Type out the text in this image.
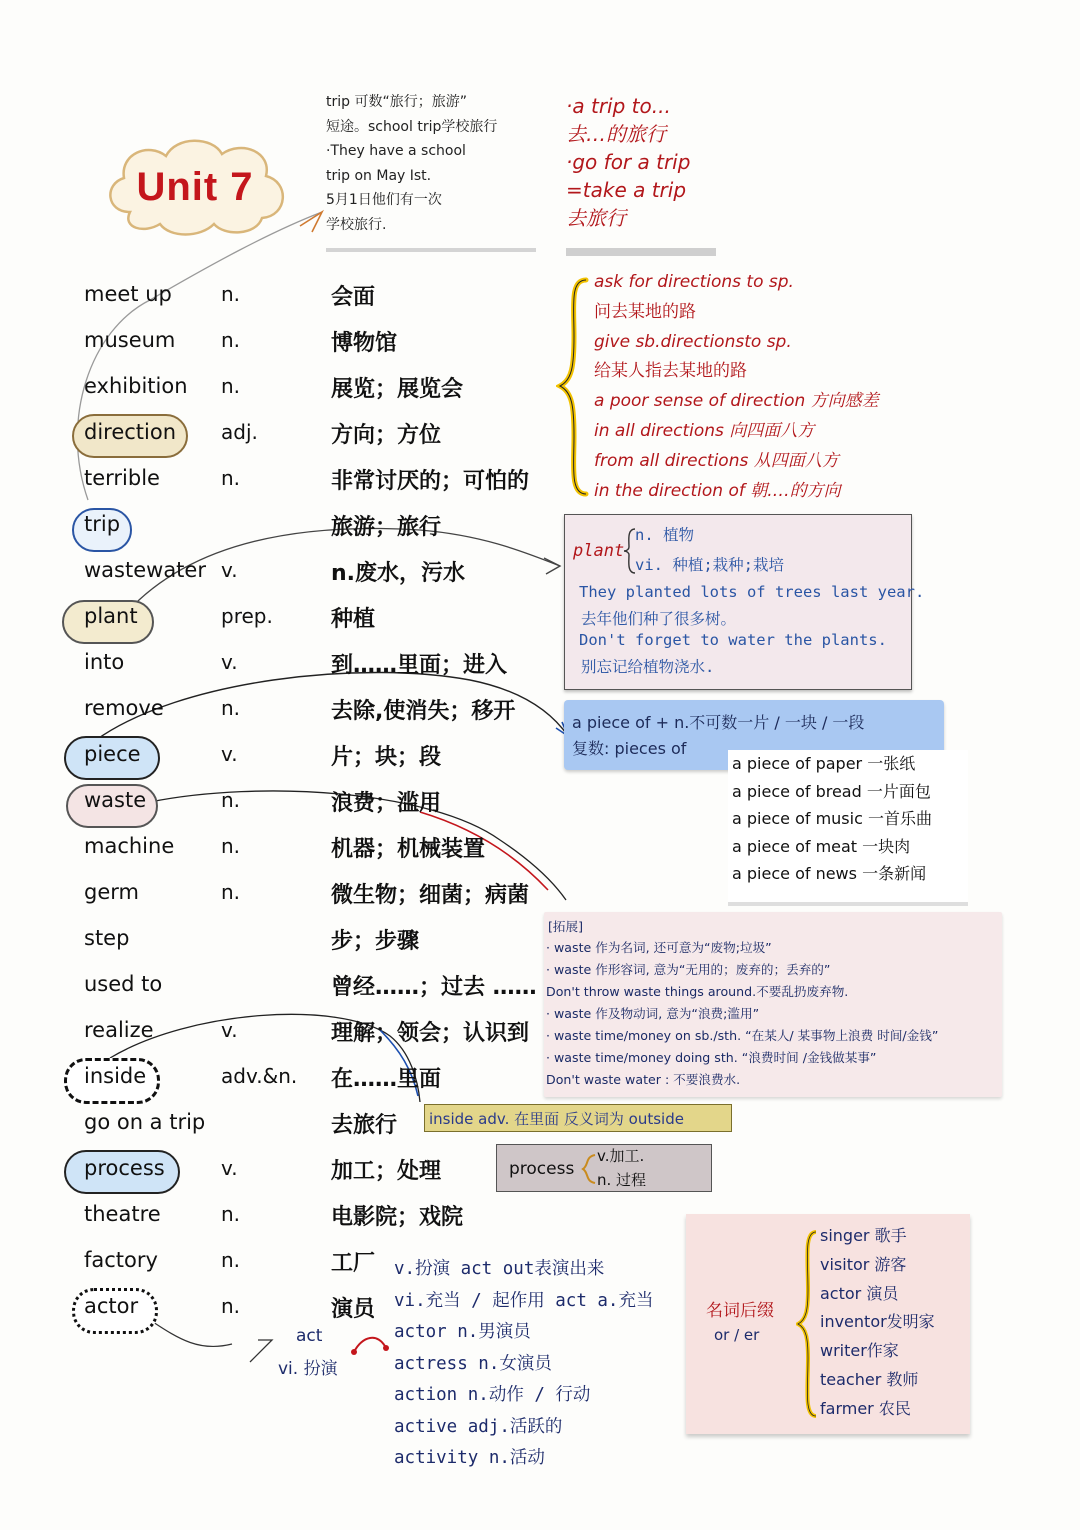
Unit 7
trip 可数“旅行；旅游”
短途。school trip学校旅行
·They have a school
trip on May Ist.
5月1日他们有一次
学校旅行.
·a trip to...
去…的旅行
·go for a trip
=take a trip
去旅行
meet up n.	会面
museum n.	博物馆
exhibition n.	展览；展览会
direction adj.	方向；方位
terrible	n.	非常讨厌的；可怕的
trip	旅游；旅行
wastewater v.	n.废水，污水
plant	prep.	种植
into	v.	到……里面；进入
remove	n.	去除,使消失；移开
piece	v.	片；块；段
waste	n.	浪费；滥用
machine n.	机器；机械装置
germ	n.	微生物；细菌；病菌
step	步；步骤
used to	曾经……；过去 ……
realize	v.	理解；领会；认识到
inside	adv.&n. 在……里面
go on a trip	去旅行
process	v.	加工；处理
theatre	n.	电影院；戏院
factory	n.	工厂
actor	n.	演员
ask for directions to sp.
问去某地的路
give sb.directionsto sp.
给某人指去某地的路
a poor sense of direction 方向感差
in all directions 向四面八方
from all directions 从四面八方
in the direction of 朝.…的方向
plant
n. 植物
vi. 种植;栽种;栽培
They planted lots of trees last year.
去年他们种了很多树。
Don't forget to water the plants.
别忘记给植物浇水.
a piece of + n.不可数一片 / 一块 / 一段
复数: pieces of
a piece of paper 一张纸
a piece of bread 一片面包
a piece of music 一首乐曲
a piece of meat 一块肉
a piece of news 一条新闻
[拓展]
· waste 作为名词, 还可意为“废物;垃圾”
· waste 作形容词, 意为“无用的；废弃的；丢弃的”
Don't throw waste things around.不要乱扔废弃物.
· waste 作及物动词, 意为“浪费;滥用”
· waste time/money on sb./sth. “在某人/ 某事物上浪费 时间/金钱”
· waste time/money doing sth. “浪费时间 /金钱做某事”
Don't waste water : 不要浪费水.
inside adv. 在里面 反义词为 outside
process
v.加工.
n. 过程
act
vi. 扮演
v.扮演 act out表演出来
vi.充当 / 起作用 act a.充当
actor n.男演员
actress n.女演员
action n.动作 / 行动
active adj.活跃的
activity n.活动
名词后缀
or / er
singer 歌手
visitor 游客
actor 演员
inventor发明家
writer作家
teacher 教师
farmer 农民
